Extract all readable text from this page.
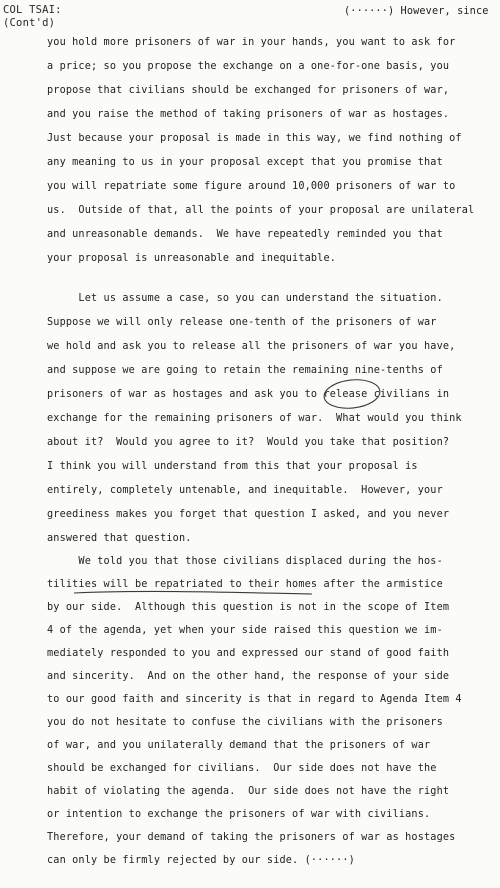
COL TSAI:
(Cont'd)
(······) However, since
you hold more prisoners of war in your hands, you want to ask for
a price; so you propose the exchange on a one-for-one basis, you
propose that civilians should be exchanged for prisoners of war,
and you raise the method of taking prisoners of war as hostages.
Just because your proposal is made in this way, we find nothing of
any meaning to us in your proposal except that you promise that
you will repatriate some figure around 10,000 prisoners of war to
us.  Outside of that, all the points of your proposal are unilateral
and unreasonable demands.  We have repeatedly reminded you that
your proposal is unreasonable and inequitable.
Let us assume a case, so you can understand the situation.
Suppose we will only release one-tenth of the prisoners of war
we hold and ask you to release all the prisoners of war you have,
and suppose we are going to retain the remaining nine-tenths of
prisoners of war as hostages and ask you to release civilians in
exchange for the remaining prisoners of war.  What would you think
about it?  Would you agree to it?  Would you take that position?
I think you will understand from this that your proposal is
entirely, completely untenable, and inequitable.  However, your
greediness makes you forget that question I asked, and you never
answered that question.
We told you that those civilians displaced during the hos-
tilities will be repatriated to their homes after the armistice
by our side.  Although this question is not in the scope of Item
4 of the agenda, yet when your side raised this question we im-
mediately responded to you and expressed our stand of good faith
and sincerity.  And on the other hand, the response of your side
to our good faith and sincerity is that in regard to Agenda Item 4
you do not hesitate to confuse the civilians with the prisoners
of war, and you unilaterally demand that the prisoners of war
should be exchanged for civilians.  Our side does not have the
habit of violating the agenda.  Our side does not have the right
or intention to exchange the prisoners of war with civilians.
Therefore, your demand of taking the prisoners of war as hostages
can only be firmly rejected by our side. (······)
